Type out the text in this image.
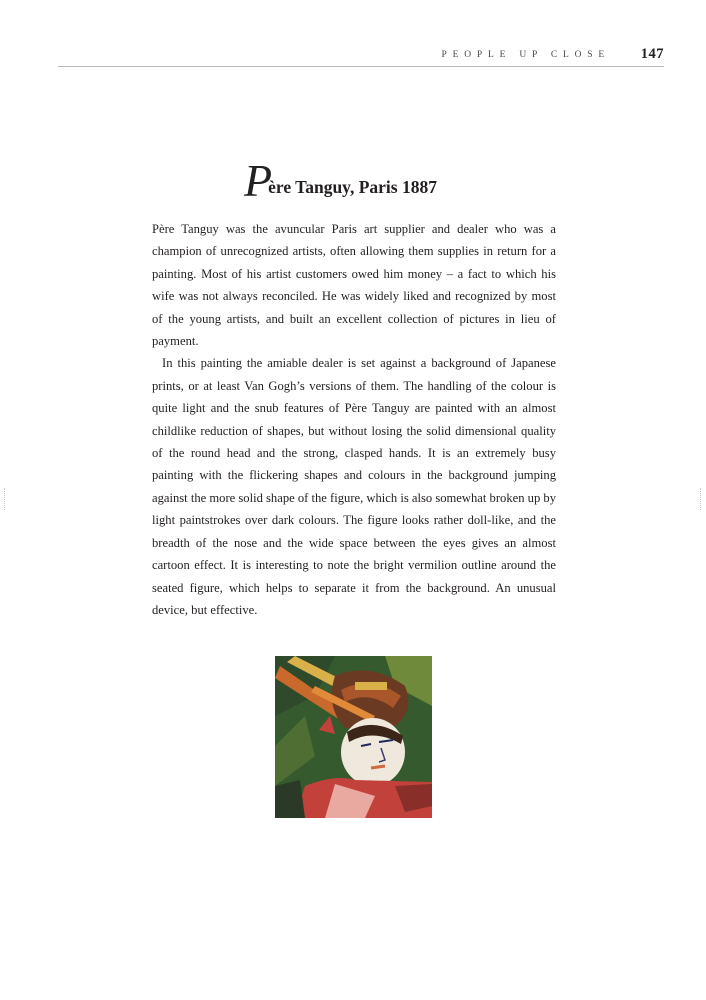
PEOPLE UP CLOSE 147
Père Tanguy, Paris 1887

Père Tanguy was the avuncular Paris art supplier and dealer who was a champion of unrecognized artists, often allowing them supplies in return for a painting. Most of his artist customers owed him money – a fact to which his wife was not always reconciled. He was widely liked and recognized by most of the young artists, and built an excellent collection of pictures in lieu of payment.

In this painting the amiable dealer is set against a background of Japanese prints, or at least Van Gogh’s versions of them. The handling of the colour is quite light and the snub features of Père Tanguy are painted with an almost childlike reduction of shapes, but without losing the solid dimensional quality of the round head and the strong, clasped hands. It is an extremely busy painting with the flickering shapes and colours in the background jumping against the more solid shape of the figure, which is also somewhat broken up by light paintstrokes over dark colours. The figure looks rather doll-like, and the breadth of the nose and the wide space between the eyes gives an almost cartoon effect. It is interesting to note the bright vermilion outline around the seated figure, which helps to separate it from the background. An unusual device, but effective.
